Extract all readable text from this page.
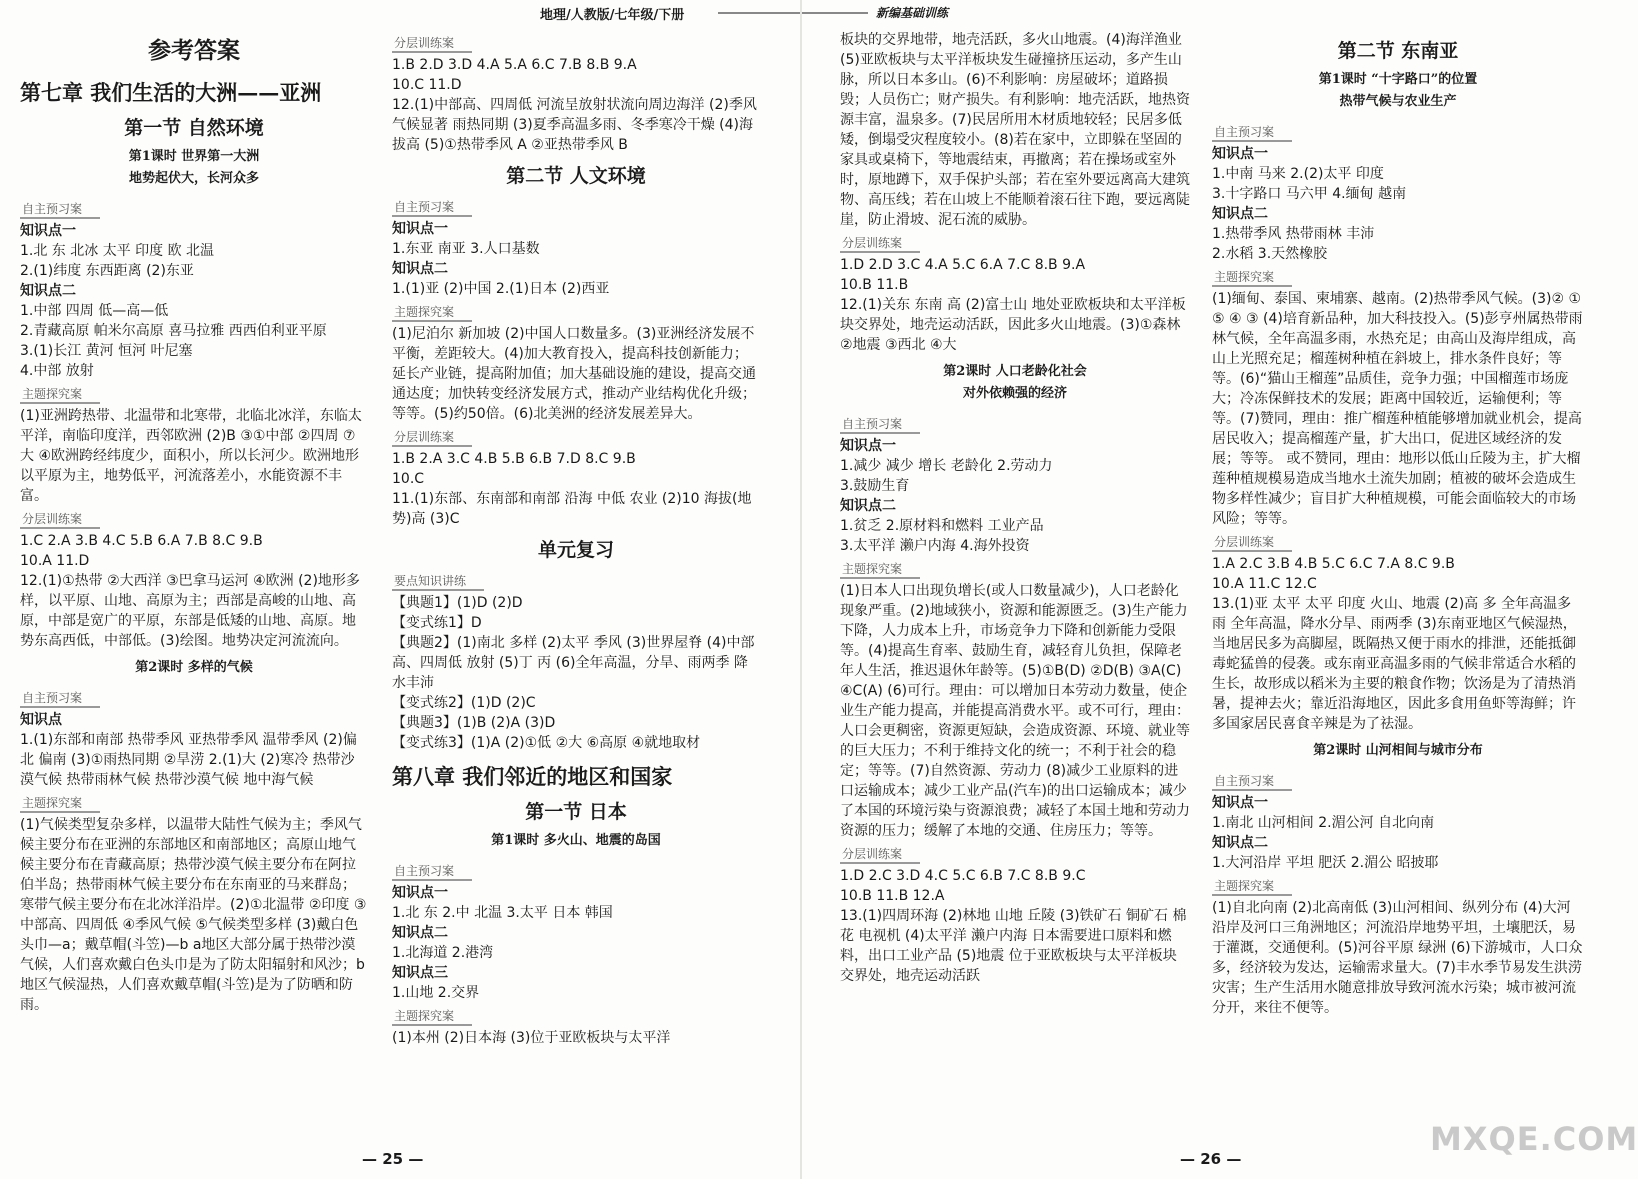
地理/人教版/七年级/下册	新编基础训练
参考答案
第七章 我们生活的大洲——亚洲
第一节 自然环境
第1课时 世界第一大洲
地势起伏大，长河众多
自主预习案
知识点一
1.北 东 北冰 太平 印度 欧 北温
2.(1)纬度 东西距离 (2)东亚
知识点二
1.中部 四周 低—高—低
2.青藏高原 帕米尔高原 喜马拉雅 西西伯利亚平原
3.(1)长江 黄河 恒河 叶尼塞
4.中部 放射
主题探究案
(1)亚洲跨热带、北温带和北寒带，北临北冰洋，东临太平洋，南临印度洋，西邻欧洲 (2)B ③①中部 ②四周 ⑦大 ④欧洲跨经纬度少，面积小，所以长河少。欧洲地形以平原为主，地势低平，河流落差小，水能资源不丰富。
分层训练案
1.C 2.A 3.B 4.C 5.B 6.A 7.B 8.C 9.B
10.A 11.D
12.(1)①热带 ②大西洋 ③巴拿马运河 ④欧洲 (2)地形多样，以平原、山地、高原为主；西部是高峻的山地、高原，中部是宽广的平原，东部是低矮的山地、高原。地势东高西低，中部低。(3)绘图。地势决定河流流向。
第2课时 多样的气候
自主预习案
知识点
1.(1)东部和南部 热带季风 亚热带季风 温带季风 (2)偏北 偏南 (3)①雨热同期 ②旱涝 2.(1)大 (2)寒冷 热带沙漠气候 热带雨林气候 热带沙漠气候 地中海气候
主题探究案
(1)气候类型复杂多样，以温带大陆性气候为主；季风气候主要分布在亚洲的东部地区和南部地区；高原山地气候主要分布在青藏高原；热带沙漠气候主要分布在阿拉伯半岛；热带雨林气候主要分布在东南亚的马来群岛；寒带气候主要分布在北冰洋沿岸。(2)①北温带 ②印度 ③中部高、四周低 ④季风气候 ⑤气候类型多样 (3)戴白色头巾—a；戴草帽(斗笠)—b a地区大部分属于热带沙漠气候，人们喜欢戴白色头巾是为了防太阳辐射和风沙；b地区气候湿热，人们喜欢戴草帽(斗笠)是为了防晒和防雨。
分层训练案
1.B 2.D 3.D 4.A 5.A 6.C 7.B 8.B 9.A
10.C 11.D
12.(1)中部高、四周低 河流呈放射状流向周边海洋 (2)季风气候显著 雨热同期 (3)夏季高温多雨、冬季寒冷干燥 (4)海拔高 (5)①热带季风 A ②亚热带季风 B
第二节 人文环境
自主预习案
知识点一
1.东亚 南亚 3.人口基数
知识点二
1.(1)亚 (2)中国 2.(1)日本 (2)西亚
主题探究案
(1)尼泊尔 新加坡 (2)中国人口数量多。(3)亚洲经济发展不平衡，差距较大。(4)加大教育投入，提高科技创新能力；延长产业链，提高附加值；加大基础设施的建设，提高交通通达度；加快转变经济发展方式，推动产业结构优化升级；等等。(5)约50倍。(6)北美洲的经济发展差异大。
分层训练案
1.B 2.A 3.C 4.B 5.B 6.B 7.D 8.C 9.B
10.C
11.(1)东部、东南部和南部 沿海 中低 农业 (2)10 海拔(地势)高 (3)C
单元复习
要点知识讲练
【典题1】(1)D (2)D
【变式练1】D
【典题2】(1)南北 多样 (2)太平 季风 (3)世界屋脊 (4)中部高、四周低 放射 (5)丁 丙 (6)全年高温，分旱、雨两季 降水丰沛
【变式练2】(1)D (2)C
【典题3】(1)B (2)A (3)D
【变式练3】(1)A (2)①低 ②大 ⑥高原 ④就地取材
第八章 我们邻近的地区和国家
第一节 日本
第1课时 多火山、地震的岛国
自主预习案
知识点一
1.北 东 2.中 北温 3.太平 日本 韩国
知识点二
1.北海道 2.港湾
知识点三
1.山地 2.交界
主题探究案
(1)本州 (2)日本海 (3)位于亚欧板块与太平洋
板块的交界地带，地壳活跃，多火山地震。(4)海洋渔业 (5)亚欧板块与太平洋板块发生碰撞挤压运动，多产生山脉，所以日本多山。(6)不利影响：房屋破坏；道路损毁；人员伤亡；财产损失。有利影响：地壳活跃，地热资源丰富，温泉多。(7)民居所用木材质地较轻；民居多低矮，倒塌受灾程度较小。(8)若在家中，立即躲在坚固的家具或桌椅下，等地震结束，再撤离；若在操场或室外时，原地蹲下，双手保护头部；若在室外要远离高大建筑物、高压线；若在山坡上不能顺着滚石往下跑，要远离陡崖，防止滑坡、泥石流的威胁。
分层训练案
1.D 2.D 3.C 4.A 5.C 6.A 7.C 8.B 9.A
10.B 11.B
12.(1)关东 东南 高 (2)富士山 地处亚欧板块和太平洋板块交界处，地壳运动活跃，因此多火山地震。(3)①森林 ②地震 ③西北 ④大
第2课时 人口老龄化社会
对外依赖强的经济
自主预习案
知识点一
1.减少 减少 增长 老龄化 2.劳动力
3.鼓励生育
知识点二
1.贫乏 2.原材料和燃料 工业产品
3.太平洋 濑户内海 4.海外投资
主题探究案
(1)日本人口出现负增长(或人口数量减少)，人口老龄化现象严重。(2)地域狭小，资源和能源匮乏。(3)生产能力下降，人力成本上升，市场竞争力下降和创新能力受限等。(4)提高生育率、鼓励生育，减轻育儿负担，保障老年人生活，推迟退休年龄等。(5)①B(D) ②D(B) ③A(C) ④C(A) (6)可行。理由：可以增加日本劳动力数量，使企业生产能力提高，并能提高消费水平。或不可行，理由：人口会更稠密，资源更短缺，会造成资源、环境、就业等的巨大压力；不利于维持文化的统一；不利于社会的稳定；等等。(7)自然资源、劳动力 (8)减少工业原料的进口运输成本；减少工业产品(汽车)的出口运输成本；减少了本国的环境污染与资源浪费；减轻了本国土地和劳动力资源的压力；缓解了本地的交通、住房压力；等等。
分层训练案
1.D 2.C 3.D 4.C 5.C 6.B 7.C 8.B 9.C
10.B 11.B 12.A
13.(1)四周环海 (2)林地 山地 丘陵 (3)铁矿石 铜矿石 棉花 电视机 (4)太平洋 濑户内海 日本需要进口原料和燃料，出口工业产品 (5)地震 位于亚欧板块与太平洋板块交界处，地壳运动活跃
第二节 东南亚
第1课时 “十字路口”的位置
热带气候与农业生产
自主预习案
知识点一
1.中南 马来 2.(2)太平 印度
3.十字路口 马六甲 4.缅甸 越南
知识点二
1.热带季风 热带雨林 丰沛
2.水稻 3.天然橡胶
主题探究案
(1)缅甸、泰国、柬埔寨、越南。(2)热带季风气候。(3)② ① ⑤ ④ ③ (4)培育新品种，加大科技投入。(5)彭亨州属热带雨林气候，全年高温多雨，水热充足；由高山及海岸组成，高山上光照充足；榴莲树种植在斜坡上，排水条件良好；等等。(6)“猫山王榴莲”品质佳，竞争力强；中国榴莲市场庞大；冷冻保鲜技术的发展；距离中国较近，运输便利；等等。(7)赞同，理由：推广榴莲种植能够增加就业机会，提高居民收入；提高榴莲产量，扩大出口，促进区域经济的发展；等等。 或不赞同，理由：地形以低山丘陵为主，扩大榴莲种植规模易造成当地水土流失加剧；植被的破坏会造成生物多样性减少；盲目扩大种植规模，可能会面临较大的市场风险；等等。
分层训练案
1.A 2.C 3.B 4.B 5.C 6.C 7.A 8.C 9.B
10.A 11.C 12.C
13.(1)亚 太平 太平 印度 火山、地震 (2)高 多 全年高温多雨 全年高温，降水分旱、雨两季 (3)东南亚地区气候湿热，当地居民多为高脚屋，既隔热又便于雨水的排泄，还能抵御毒蛇猛兽的侵袭。或东南亚高温多雨的气候非常适合水稻的生长，故形成以稻米为主要的粮食作物；饮汤是为了清热消暑，提神去火；靠近沿海地区，因此多食用鱼虾等海鲜；许多国家居民喜食辛辣是为了祛湿。
第2课时 山河相间与城市分布
自主预习案
知识点一
1.南北 山河相间 2.湄公河 自北向南
知识点二
1.大河沿岸 平坦 肥沃 2.湄公 昭披耶
主题探究案
(1)自北向南 (2)北高南低 (3)山河相间、纵列分布 (4)大河沿岸及河口三角洲地区；河流沿岸地势平坦，土壤肥沃，易于灌溉，交通便利。(5)河谷平原 绿洲 (6)下游城市，人口众多，经济较为发达，运输需求量大。(7)丰水季节易发生洪涝灾害；生产生活用水随意排放导致河流水污染；城市被河流分开，来往不便等。
— 25 —	— 26 —
MXQE.COM
